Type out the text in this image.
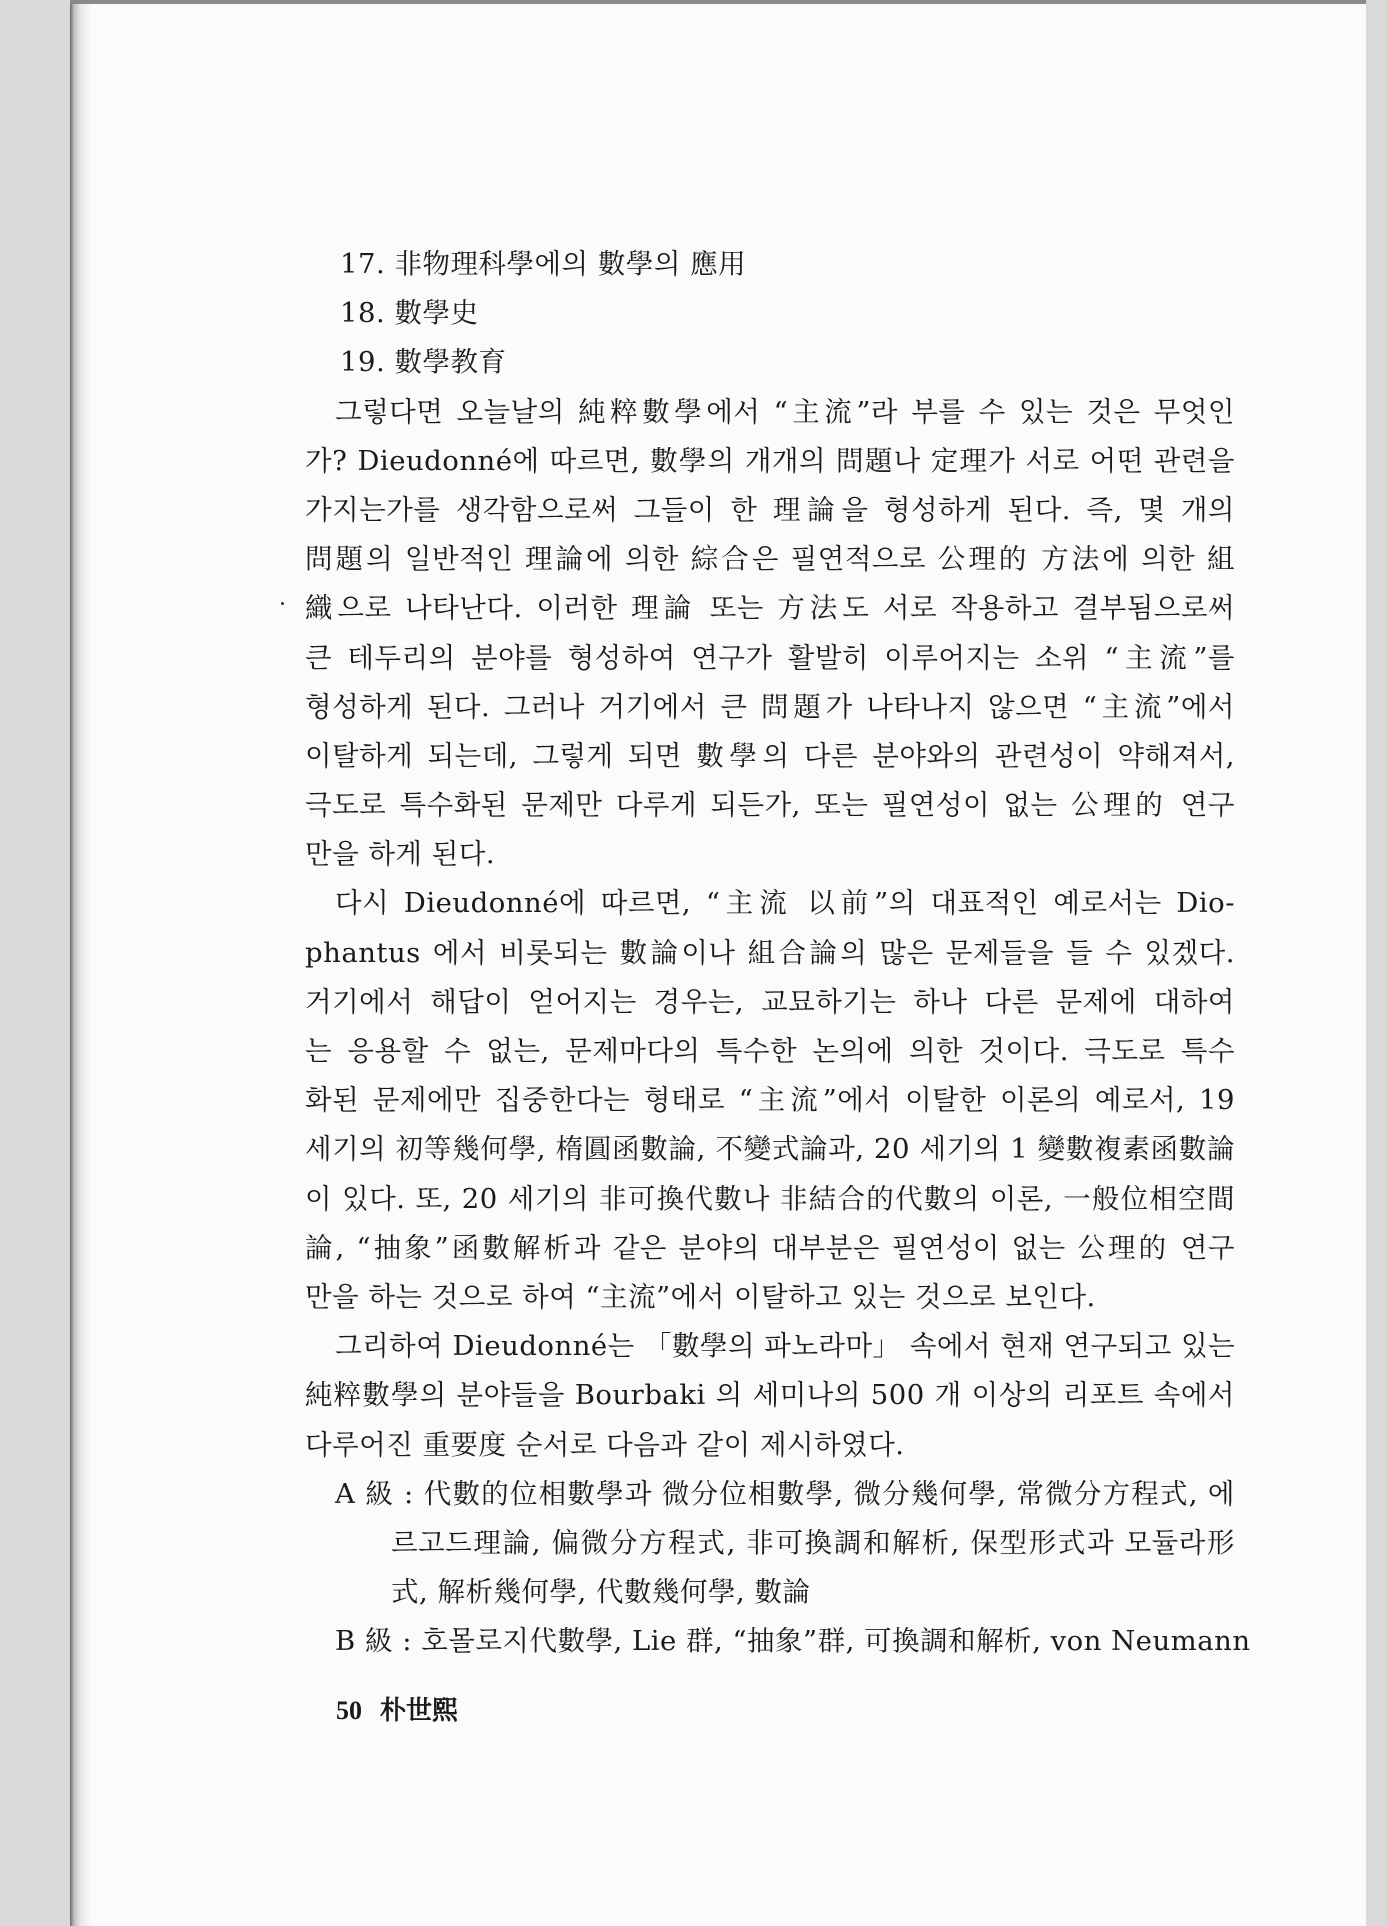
17. 非物理科學에의 數學의 應用
18. 數學史
19. 數學教育
그렇다면 오늘날의 純粹數學에서 “主流”라 부를 수 있는 것은 무엇인
가? Dieudonné에 따르면, 數學의 개개의 問題나 定理가 서로 어떤 관련을
가지는가를 생각함으로써 그들이 한 理論을 형성하게 된다. 즉, 몇 개의
問題의 일반적인 理論에 의한 綜合은 필연적으로 公理的 方法에 의한 組
織으로 나타난다. 이러한 理論 또는 方法도 서로 작용하고 결부됨으로써
큰 테두리의 분야를 형성하여 연구가 활발히 이루어지는 소위 “主流”를
형성하게 된다. 그러나 거기에서 큰 問題가 나타나지 않으면 “主流”에서
이탈하게 되는데, 그렇게 되면 數學의 다른 분야와의 관련성이 약해져서,
극도로 특수화된 문제만 다루게 되든가, 또는 필연성이 없는 公理的 연구
만을 하게 된다.
다시 Dieudonné에 따르면, “主流 以前”의 대표적인 예로서는 Dio-
phantus 에서 비롯되는 數論이나 組合論의 많은 문제들을 들 수 있겠다.
거기에서 해답이 얻어지는 경우는, 교묘하기는 하나 다른 문제에 대하여
는 응용할 수 없는, 문제마다의 특수한 논의에 의한 것이다. 극도로 특수
화된 문제에만 집중한다는 형태로 “主流”에서 이탈한 이론의 예로서, 19
세기의 初等幾何學, 楕圓函數論, 不變式論과, 20 세기의 1 變數複素函數論
이 있다. 또, 20 세기의 非可換代數나 非結合的代數의 이론, 一般位相空間
論, “抽象”函數解析과 같은 분야의 대부분은 필연성이 없는 公理的 연구
만을 하는 것으로 하여 “主流”에서 이탈하고 있는 것으로 보인다.
그리하여 Dieudonné는 「數學의 파노라마」 속에서 현재 연구되고 있는
純粹數學의 분야들을 Bourbaki 의 세미나의 500 개 이상의 리포트 속에서
다루어진 重要度 순서로 다음과 같이 제시하였다.
A 級 : 代數的位相數學과 微分位相數學, 微分幾何學, 常微分方程式, 에
르고드理論, 偏微分方程式, 非可換調和解析, 保型形式과 모듈라形
式, 解析幾何學, 代數幾何學, 數論
B 級 : 호몰로지代數學, Lie 群, “抽象”群, 可換調和解析, von Neumann
50 朴世熙
